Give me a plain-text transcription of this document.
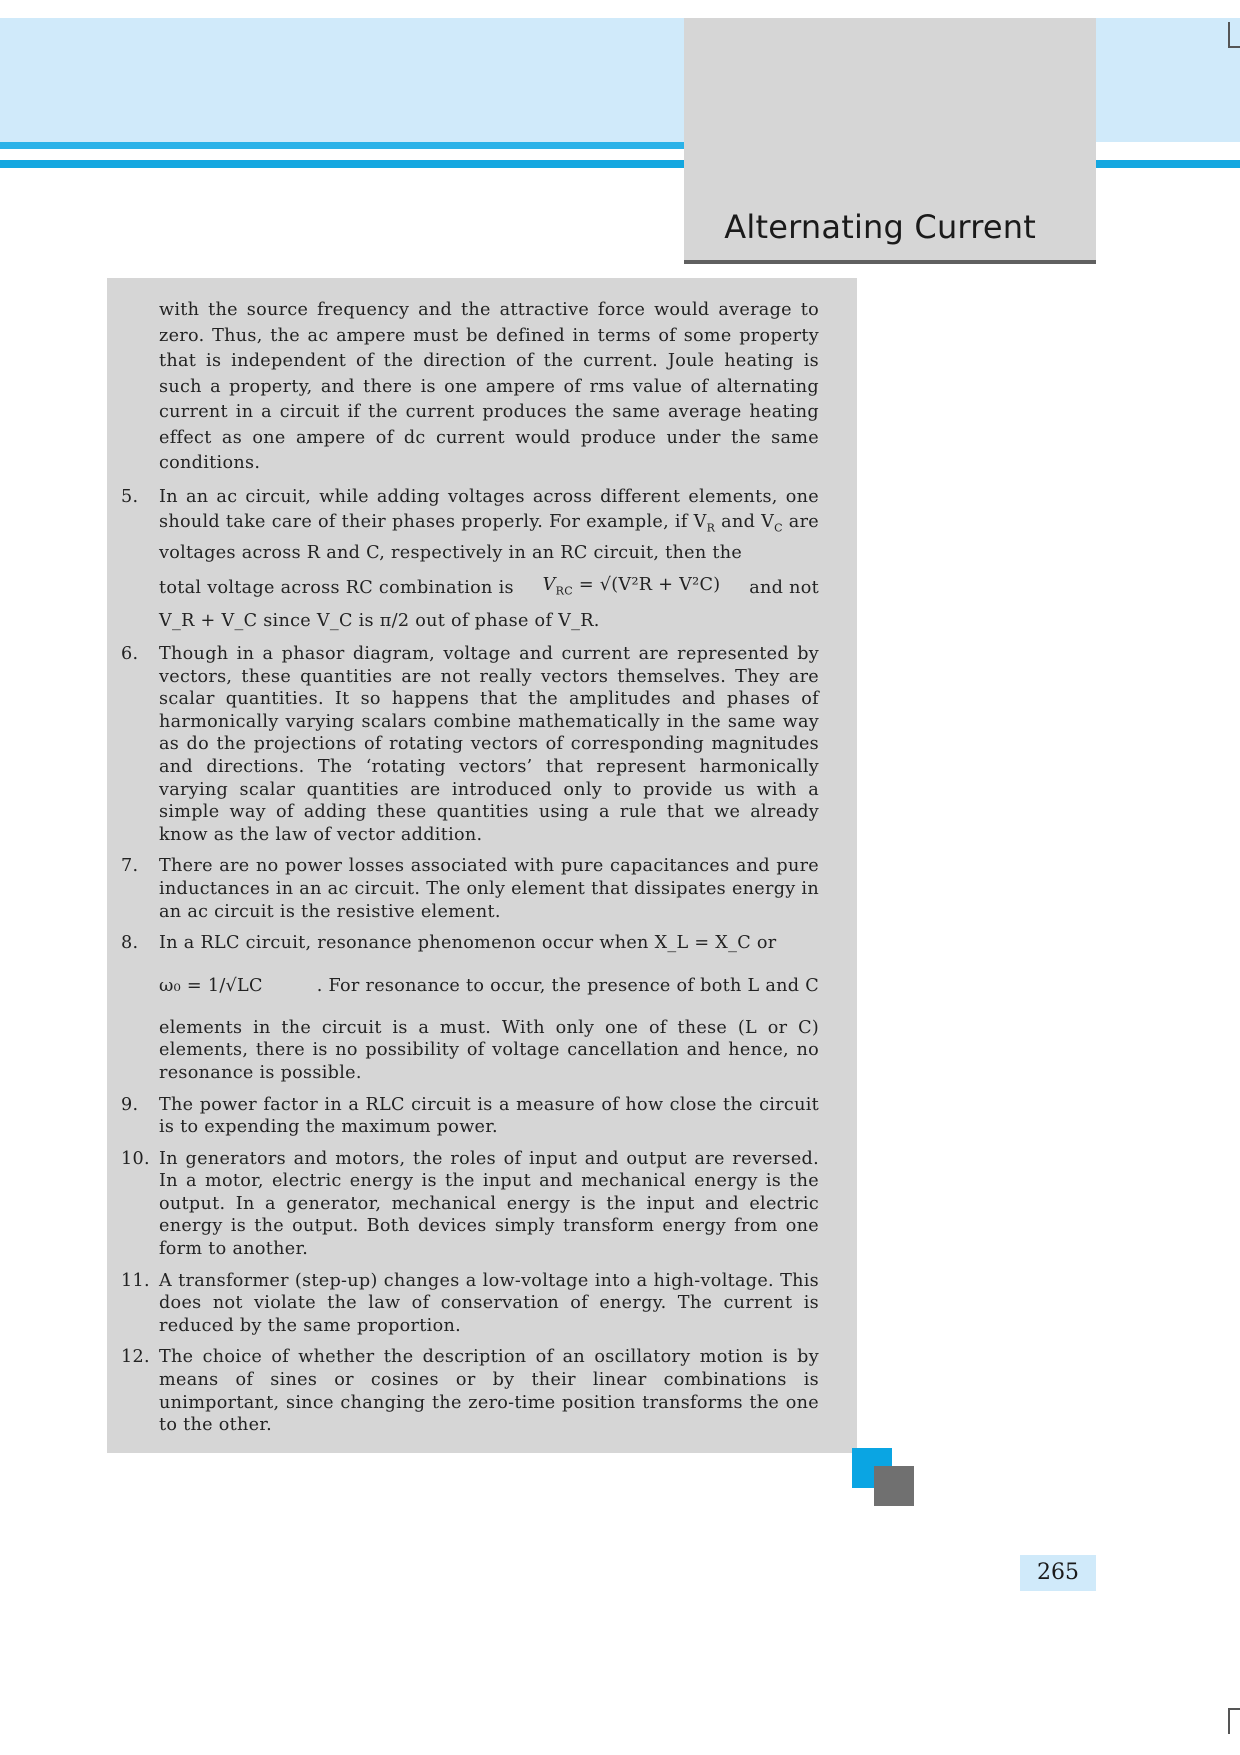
Alternating Current

with the source frequency and the attractive force would average to zero. Thus, the ac ampere must be defined in terms of some property that is independent of the direction of the current. Joule heating is such a property, and there is one ampere of rms value of alternating current in a circuit if the current produces the same average heating effect as one ampere of dc current would produce under the same conditions.

5.	In an ac circuit, while adding voltages across different elements, one should take care of their phases properly. For example, if $V_R$ and $V_C$ are voltages across R and C, respectively in an RC circuit, then the
total voltage across RC combination is $V_{RC} = √(V^2R + V^2C)$ and not
V_R + V_C since V_C is π/2 out of phase of V_R.
6.	Though in a phasor diagram, voltage and current are represented by vectors, these quantities are not really vectors themselves. They are scalar quantities. It so happens that the amplitudes and phases of harmonically varying scalars combine mathematically in the same way as do the projections of rotating vectors of corresponding magnitudes and directions. The ‘rotating vectors’ that represent harmonically varying scalar quantities are introduced only to provide us with a simple way of adding these quantities using a rule that we already know as the law of vector addition.
7.	There are no power losses associated with pure capacitances and pure inductances in an ac circuit. The only element that dissipates energy in an ac circuit is the resistive element.
8.	In a RLC circuit, resonance phenomenon occur when X_L = X_C or
ω₀ = 1/√LC	. For resonance to occur, the presence of both L and C
elements in the circuit is a must. With only one of these (L or C) elements, there is no possibility of voltage cancellation and hence, no resonance is possible.
9.	The power factor in a RLC circuit is a measure of how close the circuit is to expending the maximum power.
10. In generators and motors, the roles of input and output are reversed. In a motor, electric energy is the input and mechanical energy is the output. In a generator, mechanical energy is the input and electric energy is the output. Both devices simply transform energy from one form to another.
11. A transformer (step-up) changes a low-voltage into a high-voltage. This does not violate the law of conservation of energy. The current is reduced by the same proportion.
12. The choice of whether the description of an oscillatory motion is by means of sines or cosines or by their linear combinations is unimportant, since changing the zero-time position transforms the one to the other.
265
